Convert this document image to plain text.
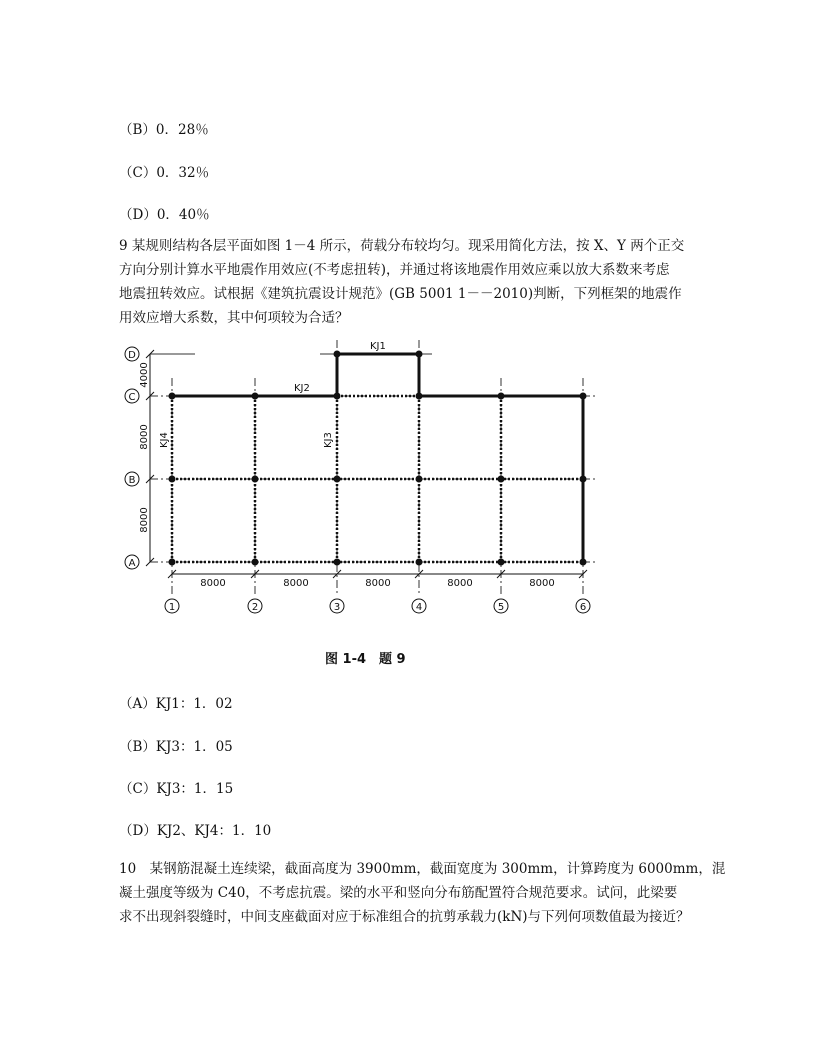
（B）0．28％
（C）0．32％
（D）0．40％
9 某规则结构各层平面如图 1－4 所示，荷载分布较均匀。现采用简化方法，按 X、Y 两个正交
方向分别计算水平地震作用效应(不考虑扭转)，并通过将该地震作用效应乘以放大系数来考虑
地震扭转效应。试根据《建筑抗震设计规范》(GB 5001 1－－2010)判断，下列框架的地震作
用效应增大系数，其中何项较为合适？
4000
8000
8000
8000	8000	8000	8000	8000
D
C
B
A
1	2	3	4	5	6
KJ1
KJ2
KJ3
KJ4
图 1-4　题 9
（A）KJ1：1．02
（B）KJ3：1．05
（C）KJ3：1．15
（D）KJ2、KJ4：1．10
10　某钢筋混凝土连续梁，截面高度为 3900mm，截面宽度为 300mm，计算跨度为 6000mm，混
凝土强度等级为 C40，不考虑抗震。梁的水平和竖向分布筋配置符合规范要求。试问，此梁要
求不出现斜裂缝时，中间支座截面对应于标准组合的抗剪承载力(kN)与下列何项数值最为接近？
